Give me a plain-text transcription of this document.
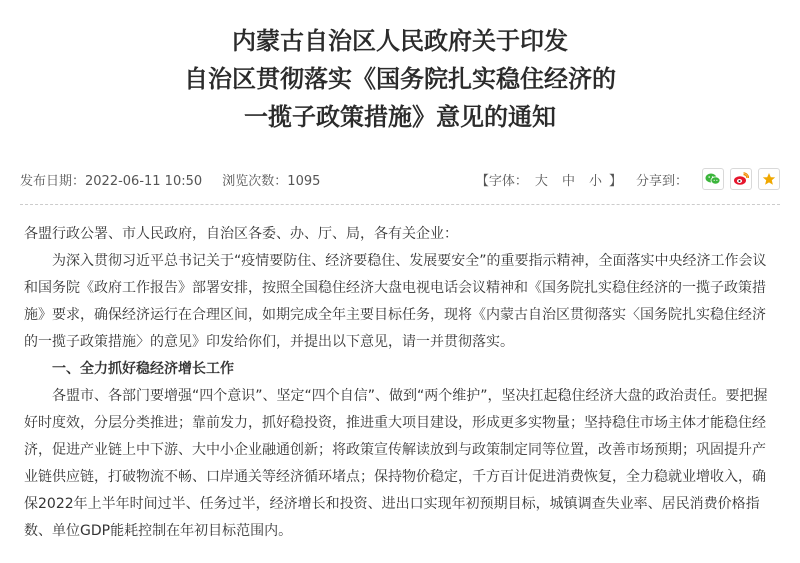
内蒙古自治区人民政府关于印发
自治区贯彻落实《国务院扎实稳住经济的
一揽子政策措施》意见的通知
发布日期：2022-06-11 10:50 浏览次数：1095	【字体： 大 中 小 】 分享到：

各盟行政公署、市人民政府，自治区各委、办、厅、局，各有关企业：

为深入贯彻习近平总书记关于“疫情要防住、经济要稳住、发展要安全”的重要指示精神，全面落实中央经济工作会议和国务院《政府工作报告》部署安排，按照全国稳住经济大盘电视电话会议精神和《国务院扎实稳住经济的一揽子政策措施》要求，确保经济运行在合理区间，如期完成全年主要目标任务，现将《内蒙古自治区贯彻落实〈国务院扎实稳住经济的一揽子政策措施〉的意见》印发给你们，并提出以下意见，请一并贯彻落实。

一、全力抓好稳经济增长工作

各盟市、各部门要增强“四个意识”、坚定“四个自信”、做到“两个维护”，坚决扛起稳住经济大盘的政治责任。要把握好时度效，分层分类推进；靠前发力，抓好稳投资，推进重大项目建设，形成更多实物量；坚持稳住市场主体才能稳住经济，促进产业链上中下游、大中小企业融通创新；将政策宣传解读放到与政策制定同等位置，改善市场预期；巩固提升产业链供应链，打破物流不畅、口岸通关等经济循环堵点；保持物价稳定，千方百计促进消费恢复，全力稳就业增收入，确保2022年上半年时间过半、任务过半，经济增长和投资、进出口实现年初预期目标，城镇调查失业率、居民消费价格指数、单位GDP能耗控制在年初目标范围内。
